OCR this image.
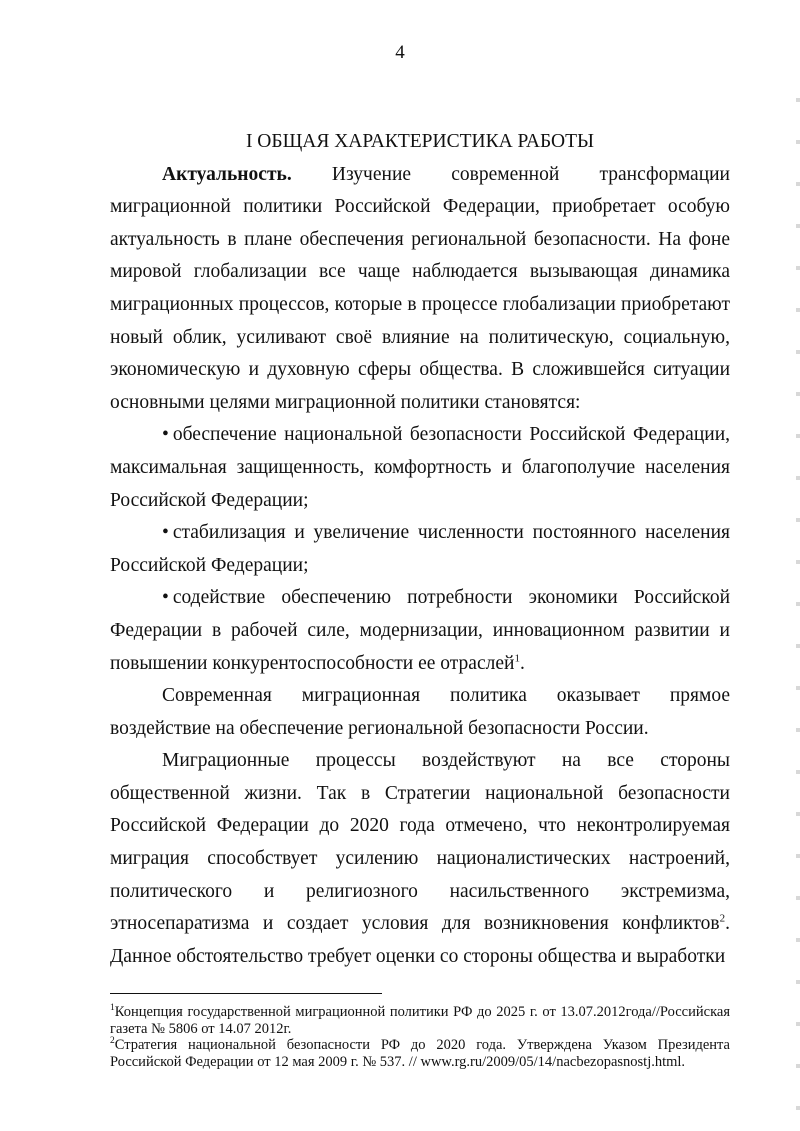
4

I ОБЩАЯ ХАРАКТЕРИСТИКА РАБОТЫ

Актуальность. Изучение современной трансформации миграционной политики Российской Федерации, приобретает особую актуальность в плане обеспечения региональной безопасности. На фоне мировой глобализации все чаще наблюдается вызывающая динамика миграционных процессов, которые в процессе глобализации приобретают новый облик, усиливают своё влияние на политическую, социальную, экономическую и духовную сферы общества. В сложившейся ситуации основными целями миграционной политики становятся:

• обеспечение национальной безопасности Российской Федерации, максимальная защищенность, комфортность и благополучие населения Российской Федерации;

• стабилизация и увеличение численности постоянного населения Российской Федерации;

• содействие обеспечению потребности экономики Российской Федерации в рабочей силе, модернизации, инновационном развитии и повышении конкурентоспособности ее отраслей$^1$.

Современная миграционная политика оказывает прямое воздействие на обеспечение региональной безопасности России.

Миграционные процессы воздействуют на все стороны общественной жизни. Так в Стратегии национальной безопасности Российской Федерации до 2020 года отмечено, что неконтролируемая миграция способствует усилению националистических настроений, политического и религиозного насильственного экстремизма, этносепаратизма и создает условия для возникновения конфликтов$^2$. Данное обстоятельство требует оценки со стороны общества и выработки

$^1$Концепция государственной миграционной политики РФ до 2025 г. от 13.07.2012года//Российская газета № 5806 от 14.07 2012г.

$^2$Стратегия национальной безопасности РФ до 2020 года. Утверждена Указом Президента Российской Федерации от 12 мая 2009 г. № 537. // www.rg.ru/2009/05/14/nacbezopasnostj.html.
